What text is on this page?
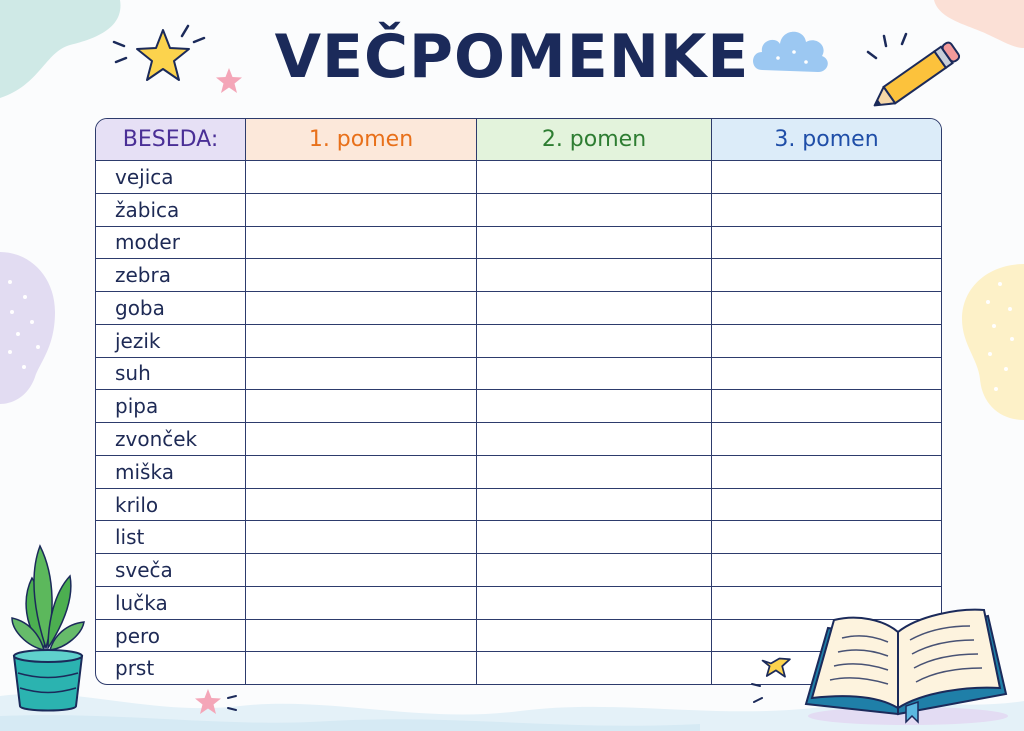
VEČPOMENKE
BESEDA:	1. pomen	2. pomen	3. pomen
vejica			
žabica			
moder			
zebra			
goba			
jezik			
suh			
pipa			
zvonček			
miška			
krilo			
list			
sveča			
lučka			
pero			
prst			
